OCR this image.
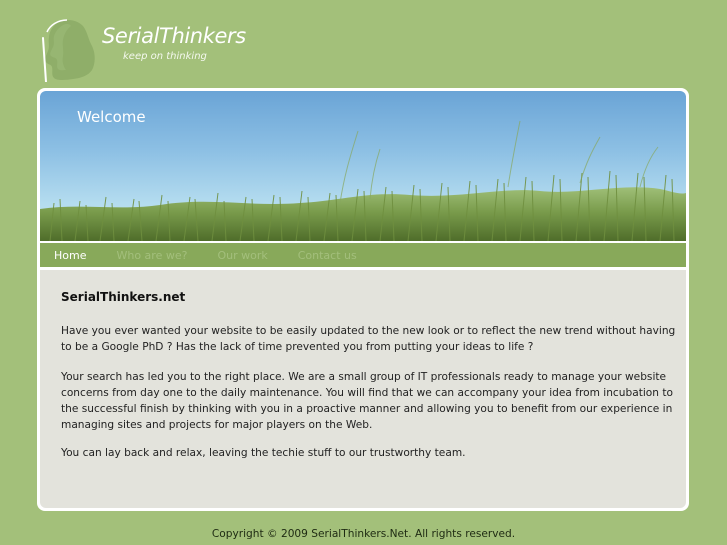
SerialThinkers
keep on thinking
Welcome
Home	Who are we?	Our work	Contact us
SerialThinkers.net

Have you ever wanted your website to be easily updated to the new look or to reflect the new trend without having to be a Google PhD ? Has the lack of time prevented you from putting your ideas to life ?

Your search has led you to the right place. We are a small group of IT professionals ready to manage your website concerns from day one to the daily maintenance. You will find that we can accompany your idea from incubation to the successful finish by thinking with you in a proactive manner and allowing you to benefit from our experience in managing sites and projects for major players on the Web.

You can lay back and relax, leaving the techie stuff to our trustworthy team.

Copyright © 2009 SerialThinkers.Net. All rights reserved.
